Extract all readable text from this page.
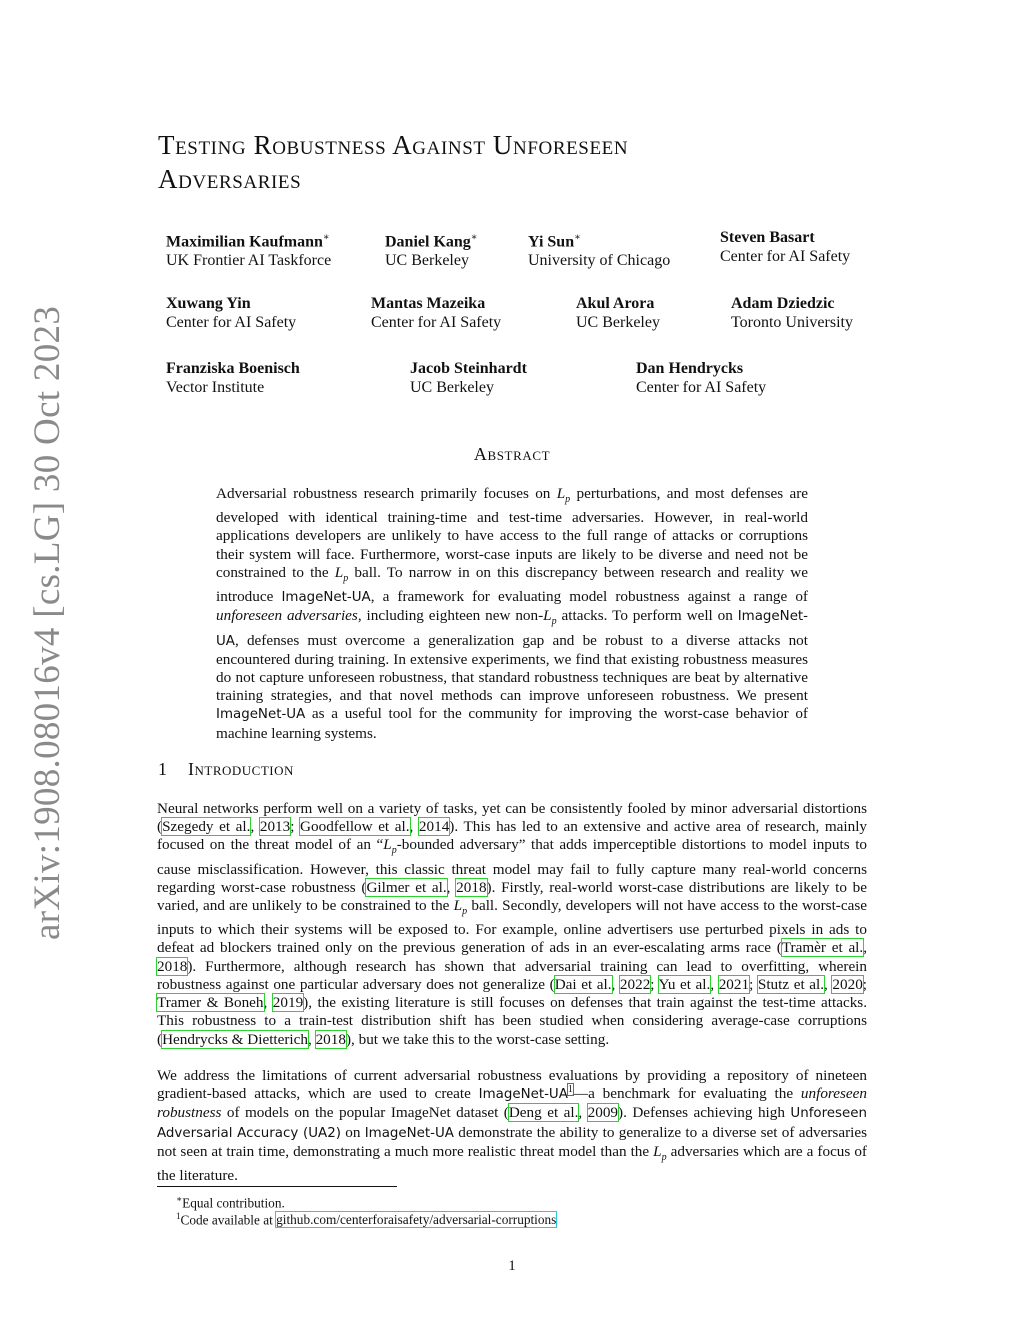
arXiv:1908.08016v4 [cs.LG] 30 Oct 2023
Testing Robustness Against Unforeseen
Adversaries
Maximilian Kaufmann∗
UK Frontier AI Taskforce
Daniel Kang∗
UC Berkeley
Yi Sun∗
University of Chicago
Steven Basart
Center for AI Safety
Xuwang Yin
Center for AI Safety
Mantas Mazeika
Center for AI Safety
Akul Arora
UC Berkeley
Adam Dziedzic
Toronto University
Franziska Boenisch
Vector Institute
Jacob Steinhardt
UC Berkeley
Dan Hendrycks
Center for AI Safety
Abstract
Adversarial robustness research primarily focuses on $L_p$ perturbations, and most defenses are developed with identical training-time and test-time adversaries. However, in real-world applications developers are unlikely to have access to the full range of attacks or corruptions their system will face. Furthermore, worst-case inputs are likely to be diverse and need not be constrained to the $L_p$ ball. To narrow in on this discrepancy between research and reality we introduce ImageNet-UA, a framework for evaluating model robustness against a range of unforeseen adversaries, including eighteen new non-$L_p$ attacks. To perform well on ImageNet-UA, defenses must overcome a generalization gap and be robust to a diverse attacks not encountered during training. In extensive experiments, we find that existing robustness measures do not capture unforeseen robustness, that standard robustness techniques are beat by alternative training strategies, and that novel methods can improve unforeseen robustness. We present ImageNet-UA as a useful tool for the community for improving the worst-case behavior of machine learning systems.
1 Introduction
Neural networks perform well on a variety of tasks, yet can be consistently fooled by minor adversarial distortions (Szegedy et al., 2013; Goodfellow et al., 2014). This has led to an extensive and active area of research, mainly focused on the threat model of an “$L_p$-bounded adversary” that adds imperceptible distortions to model inputs to cause misclassification. However, this classic threat model may fail to fully capture many real-world concerns regarding worst-case robustness (Gilmer et al., 2018). Firstly, real-world worst-case distributions are likely to be varied, and are unlikely to be constrained to the $L_p$ ball. Secondly, developers will not have access to the worst-case inputs to which their systems will be exposed to. For example, online advertisers use perturbed pixels in ads to defeat ad blockers trained only on the previous generation of ads in an ever-escalating arms race (Tramèr et al., 2018). Furthermore, although research has shown that adversarial training can lead to overfitting, wherein robustness against one particular adversary does not generalize (Dai et al., 2022; Yu et al., 2021; Stutz et al., 2020; Tramer & Boneh, 2019), the existing literature is still focuses on defenses that train against the test-time attacks. This robustness to a train-test distribution shift has been studied when considering average-case corruptions (Hendrycks & Dietterich, 2018), but we take this to the worst-case setting.
We address the limitations of current adversarial robustness evaluations by providing a repository of nineteen gradient-based attacks, which are used to create ImageNet-UA$^1$—a benchmark for evaluating the unforeseen robustness of models on the popular ImageNet dataset (Deng et al., 2009). Defenses achieving high Unforeseen Adversarial Accuracy (UA2) on ImageNet-UA demonstrate the ability to generalize to a diverse set of adversaries not seen at train time, demonstrating a much more realistic threat model than the $L_p$ adversaries which are a focus of the literature.
∗Equal contribution.
$^1$Code available at github.com/centerforaisafety/adversarial-corruptions
1
